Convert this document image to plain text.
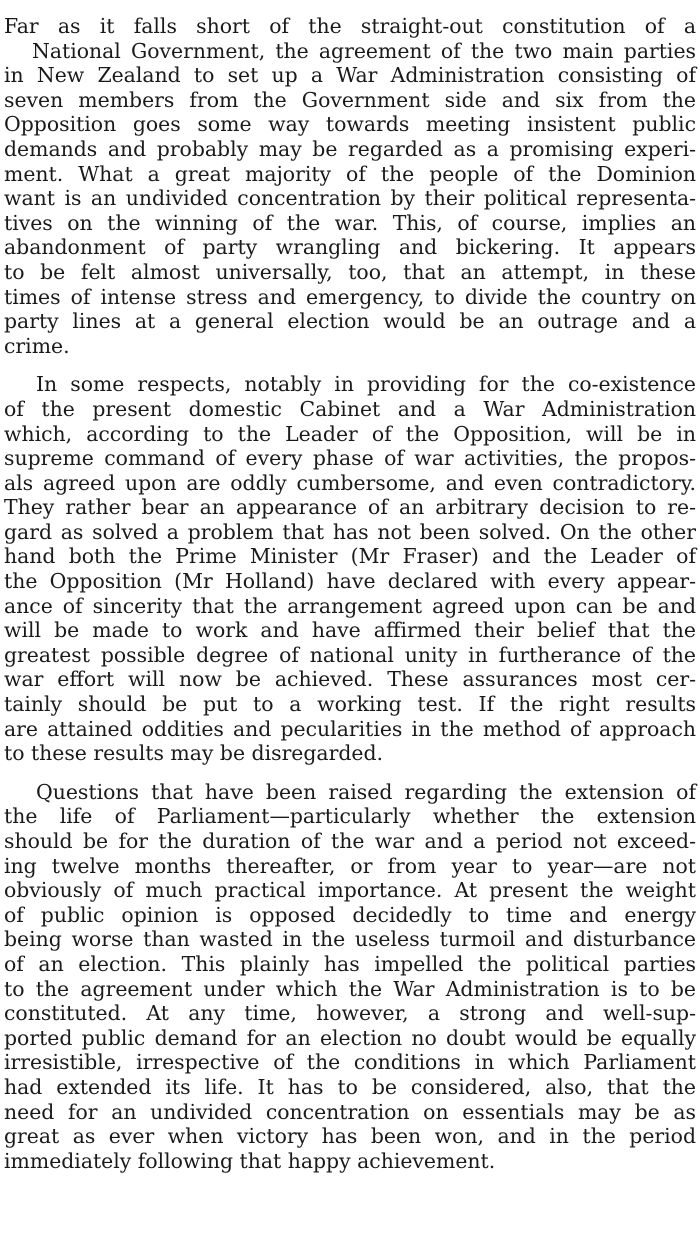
Far as it falls short of the straight-out constitution of a
National Government, the agreement of the two main parties
in New Zealand to set up a War Administration consisting of
seven members from the Government side and six from the
Opposition goes some way towards meeting insistent public
demands and probably may be regarded as a promising experi-
ment. What a great majority of the people of the Dominion
want is an undivided concentration by their political representa-
tives on the winning of the war. This, of course, implies an
abandonment of party wrangling and bickering. It appears
to be felt almost universally, too, that an attempt, in these
times of intense stress and emergency, to divide the country on
party lines at a general election would be an outrage and a
crime.
In some respects, notably in providing for the co-existence
of the present domestic Cabinet and a War Administration
which, according to the Leader of the Opposition, will be in
supreme command of every phase of war activities, the propos-
als agreed upon are oddly cumbersome, and even contradictory.
They rather bear an appearance of an arbitrary decision to re-
gard as solved a problem that has not been solved. On the other
hand both the Prime Minister (Mr Fraser) and the Leader of
the Opposition (Mr Holland) have declared with every appear-
ance of sincerity that the arrangement agreed upon can be and
will be made to work and have affirmed their belief that the
greatest possible degree of national unity in furtherance of the
war effort will now be achieved. These assurances most cer-
tainly should be put to a working test. If the right results
are attained oddities and pecularities in the method of approach
to these results may be disregarded.
Questions that have been raised regarding the extension of
the life of Parliament—particularly whether the extension
should be for the duration of the war and a period not exceed-
ing twelve months thereafter, or from year to year—are not
obviously of much practical importance. At present the weight
of public opinion is opposed decidedly to time and energy
being worse than wasted in the useless turmoil and disturbance
of an election. This plainly has impelled the political parties
to the agreement under which the War Administration is to be
constituted. At any time, however, a strong and well-sup-
ported public demand for an election no doubt would be equally
irresistible, irrespective of the conditions in which Parliament
had extended its life. It has to be considered, also, that the
need for an undivided concentration on essentials may be as
great as ever when victory has been won, and in the period
immediately following that happy achievement.
